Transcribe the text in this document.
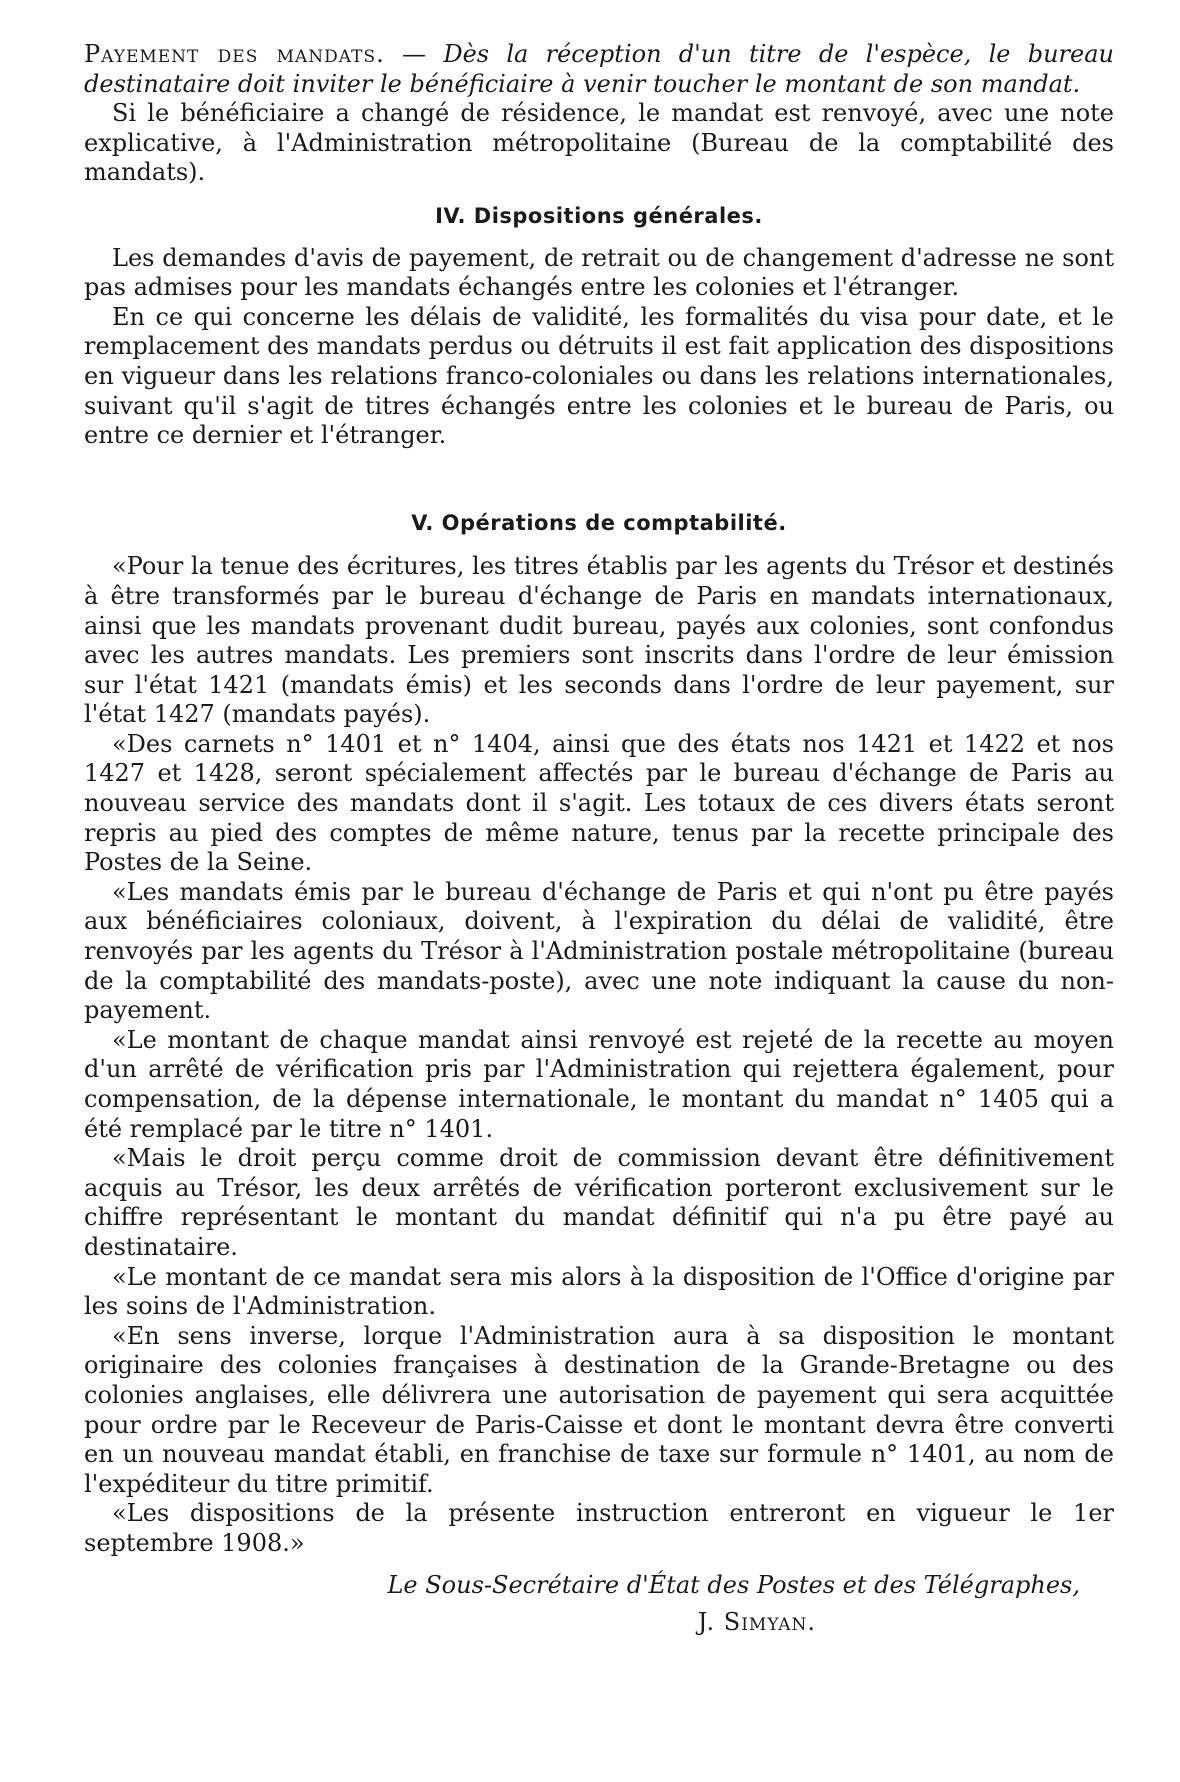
Payement des mandats. — Dès la réception d'un titre de l'espèce, le bureau destinataire doit inviter le bénéficiaire à venir toucher le montant de son mandat.

Si le bénéficiaire a changé de résidence, le mandat est renvoyé, avec une note explicative, à l'Administration métropolitaine (Bureau de la comptabilité des mandats).

IV. Dispositions générales.

Les demandes d'avis de payement, de retrait ou de changement d'adresse ne sont pas admises pour les mandats échangés entre les colonies et l'étranger.

En ce qui concerne les délais de validité, les formalités du visa pour date, et le remplacement des mandats perdus ou détruits il est fait application des dispositions en vigueur dans les relations franco-coloniales ou dans les relations internationales, suivant qu'il s'agit de titres échangés entre les colonies et le bureau de Paris, ou entre ce dernier et l'étranger.

V. Opérations de comptabilité.

«Pour la tenue des écritures, les titres établis par les agents du Trésor et destinés à être transformés par le bureau d'échange de Paris en mandats internationaux, ainsi que les mandats provenant dudit bureau, payés aux colonies, sont confondus avec les autres mandats. Les premiers sont inscrits dans l'ordre de leur émission sur l'état 1421 (mandats émis) et les seconds dans l'ordre de leur payement, sur l'état 1427 (mandats payés).

«Des carnets n° 1401 et n° 1404, ainsi que des états nos 1421 et 1422 et nos 1427 et 1428, seront spécialement affectés par le bureau d'échange de Paris au nouveau service des mandats dont il s'agit. Les totaux de ces divers états seront repris au pied des comptes de même nature, tenus par la recette principale des Postes de la Seine.

«Les mandats émis par le bureau d'échange de Paris et qui n'ont pu être payés aux bénéficiaires coloniaux, doivent, à l'expiration du délai de validité, être renvoyés par les agents du Trésor à l'Administration postale métropolitaine (bureau de la comptabilité des mandats-poste), avec une note indiquant la cause du non-payement.

«Le montant de chaque mandat ainsi renvoyé est rejeté de la recette au moyen d'un arrêté de vérification pris par l'Administration qui rejettera également, pour compensation, de la dépense internationale, le montant du mandat n° 1405 qui a été remplacé par le titre n° 1401.

«Mais le droit perçu comme droit de commission devant être définitivement acquis au Trésor, les deux arrêtés de vérification porteront exclusivement sur le chiffre représentant le montant du mandat définitif qui n'a pu être payé au destinataire.

«Le montant de ce mandat sera mis alors à la disposition de l'Office d'origine par les soins de l'Administration.

«En sens inverse, lorque l'Administration aura à sa disposition le montant originaire des colonies françaises à destination de la Grande-Bretagne ou des colonies anglaises, elle délivrera une autorisation de payement qui sera acquittée pour ordre par le Receveur de Paris-Caisse et dont le montant devra être converti en un nouveau mandat établi, en franchise de taxe sur formule n° 1401, au nom de l'expéditeur du titre primitif.

«Les dispositions de la présente instruction entreront en vigueur le 1er septembre 1908.»

Le Sous-Secrétaire d'État des Postes et des Télégraphes,

J. Simyan.
